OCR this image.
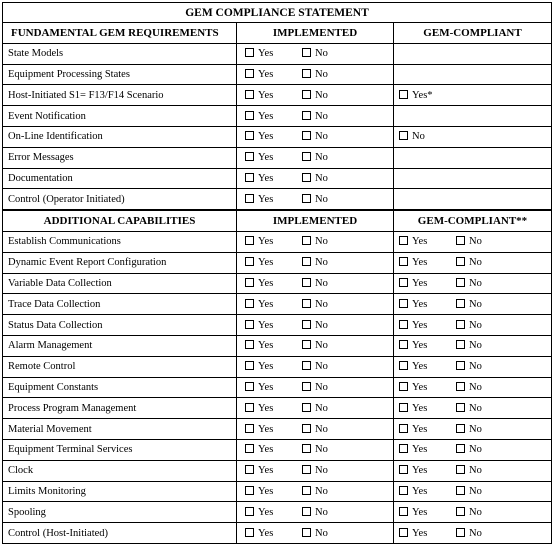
GEM COMPLIANCE STATEMENT		
FUNDAMENTAL GEM REQUIREMENTS	IMPLEMENTED	GEM-COMPLIANT
State Models	Yes No	
Equipment Processing States	Yes No	
Host-Initiated S1= F13/F14 Scenario	Yes No	Yes*
Event Notification	Yes No	
On-Line Identification	Yes No	No
Error Messages	Yes No	
Documentation	Yes No	
Control (Operator Initiated)	Yes No	
ADDITIONAL CAPABILITIES	IMPLEMENTED	GEM-COMPLIANT**
Establish Communications	Yes No	Yes No
Dynamic Event Report Configuration	Yes No	Yes No
Variable Data Collection	Yes No	Yes No
Trace Data Collection	Yes No	Yes No
Status Data Collection	Yes No	Yes No
Alarm Management	Yes No	Yes No
Remote Control	Yes No	Yes No
Equipment Constants	Yes No	Yes No
Process Program Management	Yes No	Yes No
Material Movement	Yes No	Yes No
Equipment Terminal Services	Yes No	Yes No
Clock	Yes No	Yes No
Limits Monitoring	Yes No	Yes No
Spooling	Yes No	Yes No
Control (Host-Initiated)	Yes No	Yes No
